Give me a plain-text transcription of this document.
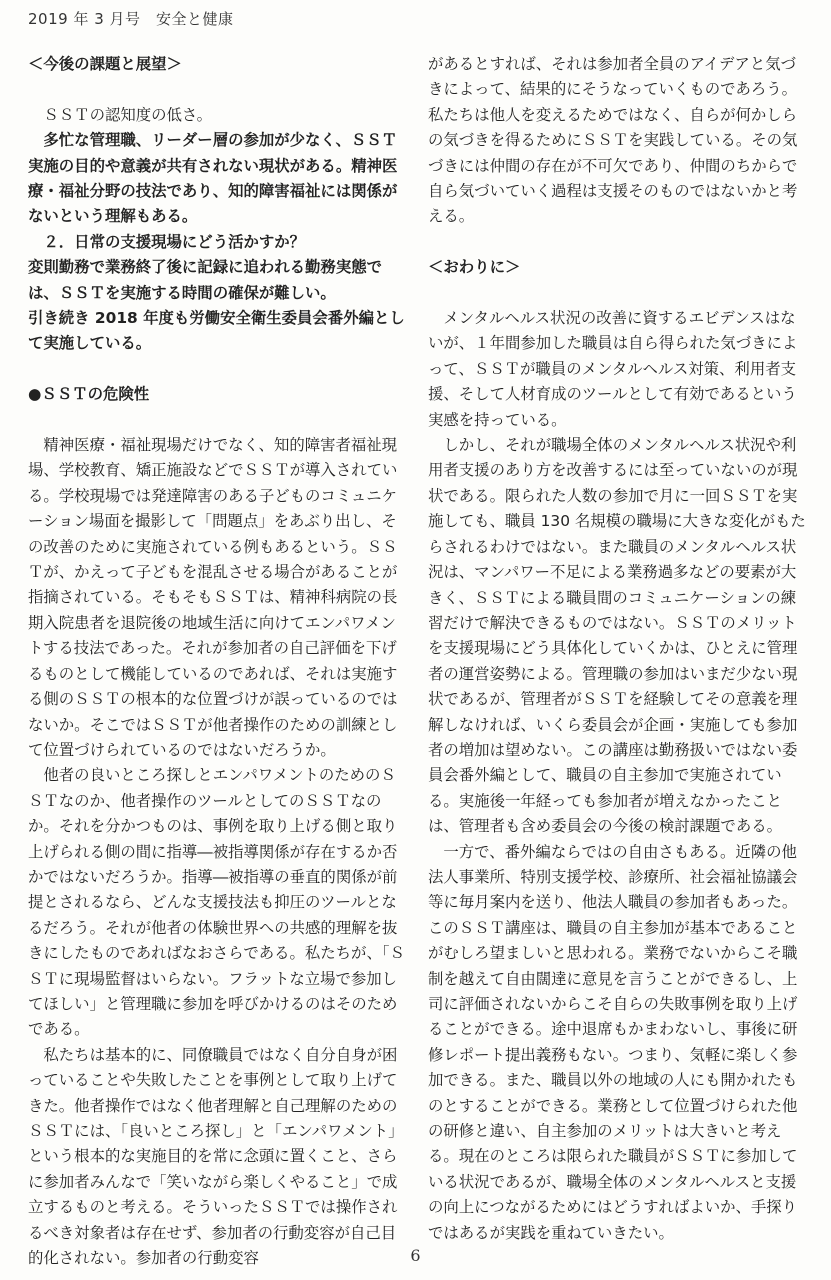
2019 年 3 月号　安全と健康
＜今後の課題と展望＞

ＳＳＴの認知度の低さ。

多忙な管理職、リーダー層の参加が少なく、ＳＳＴ実施の目的や意義が共有されない現状がある。精神医療・福祉分野の技法であり、知的障害福祉には関係がないという理解もある。

２．日常の支援現場にどう活かすか？

変則勤務で業務終了後に記録に追われる勤務実態では、ＳＳＴを実施する時間の確保が難しい。

引き続き 2018 年度も労働安全衛生委員会番外編として実施している。

●ＳＳＴの危険性

精神医療・福祉現場だけでなく、知的障害者福祉現場、学校教育、矯正施設などでＳＳＴが導入されている。学校現場では発達障害のある子どものコミュニケーション場面を撮影して「問題点」をあぶり出し、その改善のために実施されている例もあるという。ＳＳＴが、かえって子どもを混乱させる場合があることが指摘されている。そもそもＳＳＴは、精神科病院の長期入院患者を退院後の地域生活に向けてエンパワメントする技法であった。それが参加者の自己評価を下げるものとして機能しているのであれば、それは実施する側のＳＳＴの根本的な位置づけが誤っているのではないか。そこではＳＳＴが他者操作のための訓練として位置づけられているのではないだろうか。

他者の良いところ探しとエンパワメントのためのＳＳＴなのか、他者操作のツールとしてのＳＳＴなのか。それを分かつものは、事例を取り上げる側と取り上げられる側の間に指導―被指導関係が存在するか否かではないだろうか。指導―被指導の垂直的関係が前提とされるなら、どんな支援技法も抑圧のツールとなるだろう。それが他者の体験世界への共感的理解を抜きにしたものであればなおさらである。私たちが、「ＳＳＴに現場監督はいらない。フラットな立場で参加してほしい」と管理職に参加を呼びかけるのはそのためである。

私たちは基本的に、同僚職員ではなく自分自身が困っていることや失敗したことを事例として取り上げてきた。他者操作ではなく他者理解と自己理解のためのＳＳＴには、「良いところ探し」と「エンパワメント」という根本的な実施目的を常に念頭に置くこと、さらに参加者みんなで「笑いながら楽しくやること」で成立するものと考える。そういったＳＳＴでは操作されるべき対象者は存在せず、参加者の行動変容が自己目的化されない。参加者の行動変容

があるとすれば、それは参加者全員のアイデアと気づきによって、結果的にそうなっていくものであろう。私たちは他人を変えるためではなく、自らが何かしらの気づきを得るためにＳＳＴを実践している。その気づきには仲間の存在が不可欠であり、仲間のちからで自ら気づいていく過程は支援そのものではないかと考える。

＜おわりに＞

メンタルヘルス状況の改善に資するエビデンスはないが、１年間参加した職員は自ら得られた気づきによって、ＳＳＴが職員のメンタルヘルス対策、利用者支援、そして人材育成のツールとして有効であるという実感を持っている。

しかし、それが職場全体のメンタルヘルス状況や利用者支援のあり方を改善するには至っていないのが現状である。限られた人数の参加で月に一回ＳＳＴを実施しても、職員 130 名規模の職場に大きな変化がもたらされるわけではない。また職員のメンタルヘルス状況は、マンパワー不足による業務過多などの要素が大きく、ＳＳＴによる職員間のコミュニケーションの練習だけで解決できるものではない。ＳＳＴのメリットを支援現場にどう具体化していくかは、ひとえに管理者の運営姿勢による。管理職の参加はいまだ少ない現状であるが、管理者がＳＳＴを経験してその意義を理解しなければ、いくら委員会が企画・実施しても参加者の増加は望めない。この講座は勤務扱いではない委員会番外編として、職員の自主参加で実施されている。実施後一年経っても参加者が増えなかったことは、管理者も含め委員会の今後の検討課題である。

一方で、番外編ならではの自由さもある。近隣の他法人事業所、特別支援学校、診療所、社会福祉協議会等に毎月案内を送り、他法人職員の参加者もあった。このＳＳＴ講座は、職員の自主参加が基本であることがむしろ望ましいと思われる。業務でないからこそ職制を越えて自由闊達に意見を言うことができるし、上司に評価されないからこそ自らの失敗事例を取り上げることができる。途中退席もかまわないし、事後に研修レポート提出義務もない。つまり、気軽に楽しく参加できる。また、職員以外の地域の人にも開かれたものとすることができる。業務として位置づけられた他の研修と違い、自主参加のメリットは大きいと考える。現在のところは限られた職員がＳＳＴに参加している状況であるが、職場全体のメンタルヘルスと支援の向上につながるためにはどうすればよいか、手探りではあるが実践を重ねていきたい。

6
